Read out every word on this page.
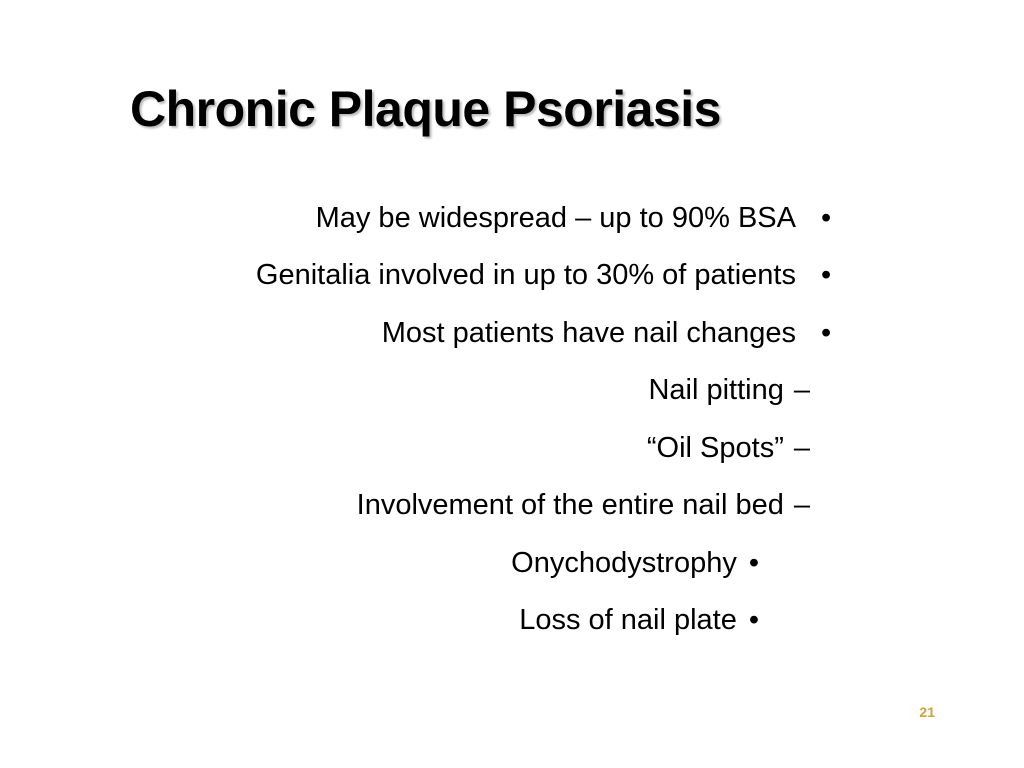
Chronic Plaque Psoriasis
May be widespread – up to 90% BSA •
Genitalia involved in up to 30% of patients •
Most patients have nail changes •
Nail pitting –
“Oil Spots” –
Involvement of the entire nail bed –
Onychodystrophy •
Loss of nail plate •
21
